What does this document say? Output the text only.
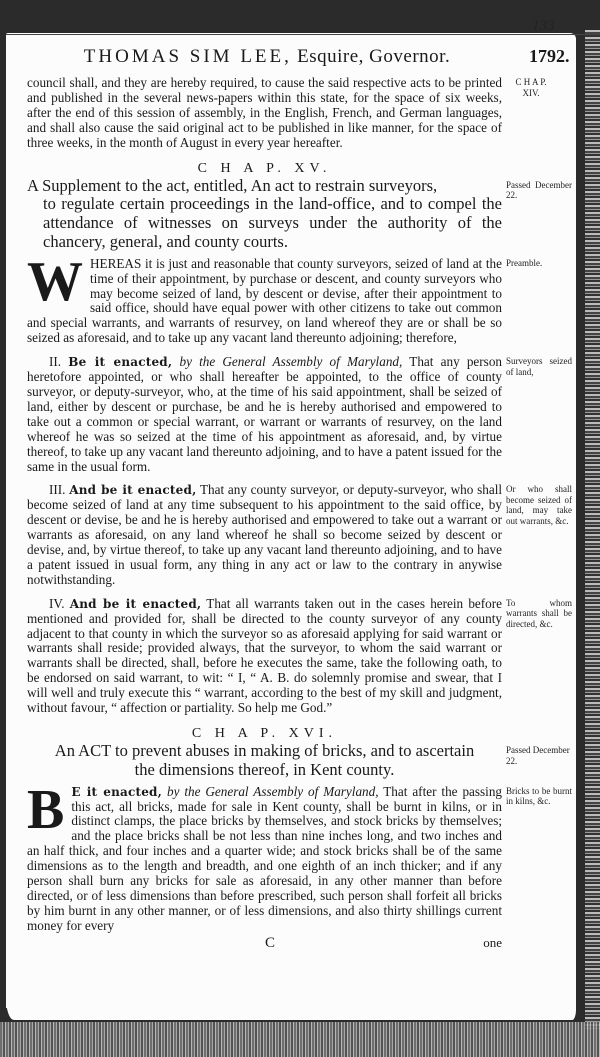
133
THOMAS SIM LEE, Esquire, Governor.	1792.

council shall, and they are hereby required, to cause the said respective acts to be printed and published in the several news-papers within this state, for the space of six weeks, after the end of this session of assembly, in the English, French, and German languages, and shall also cause the said original act to be published in like manner, for the space of three weeks, in the month of August in every year hereafter.

C H A P. XIV.
C H A P. XV.
A Supplement to the act, entitled, An act to restrain surveyors,
to regulate certain proceedings in the land-office, and to compel the attendance of witnesses on surveys under the authority of the chancery, general, and county courts.
Passed December 22.
W HEREAS it is just and reasonable that county surveyors, seized of land at the time of their appointment, by purchase or descent, and county surveyors who may become seized of land, by descent or devise, after their appointment to said office, should have equal power with other citizens to take out common and special warrants, and warrants of resurvey, on land whereof they are or shall be so seized as aforesaid, and to take up any vacant land thereunto adjoining; therefore,
Preamble.

II. Be it enacted, by the General Assembly of Maryland, That any person heretofore appointed, or who shall hereafter be appointed, to the office of county surveyor, or deputy-surveyor, who, at the time of his said appointment, shall be seized of land, either by descent or purchase, be and he is hereby authorised and empowered to take out a common or special warrant, or warrant or warrants of resurvey, on the land whereof he was so seized at the time of his appointment as aforesaid, and, by virtue thereof, to take up any vacant land thereunto adjoining, and to have a patent issued for the same in the usual form.

Surveyors seized of land,

III. And be it enacted, That any county surveyor, or deputy-surveyor, who shall become seized of land at any time subsequent to his appointment to the said office, by descent or devise, be and he is hereby authorised and empowered to take out a warrant or warrants as aforesaid, on any land whereof he shall so become seized by descent or devise, and, by virtue thereof, to take up any vacant land thereunto adjoining, and to have a patent issued in usual form, any thing in any act or law to the contrary in anywise notwithstanding.

Or who shall become seized of land, may take out warrants, &c.

IV. And be it enacted, That all warrants taken out in the cases herein before mentioned and provided for, shall be directed to the county surveyor of any county adjacent to that county in which the surveyor so as aforesaid applying for said warrant or warrants shall reside; provided always, that the surveyor, to whom the said warrant or warrants shall be directed, shall, before he executes the same, take the following oath, to be endorsed on said warrant, to wit: “ I, “ A. B. do solemnly promise and swear, that I will well and truly execute this “ warrant, according to the best of my skill and judgment, without favour, “ affection or partiality. So help me God.”

To whom warrants shall be directed, &c.
C H A P. XVI.
An ACT to prevent abuses in making of bricks, and to ascertain
the dimensions thereof, in Kent county.
Passed December 22.
B E it enacted, by the General Assembly of Maryland, That after the passing this act, all bricks, made for sale in Kent county, shall be burnt in kilns, or in distinct clamps, the place bricks by themselves, and stock bricks by themselves; and the place bricks shall be not less than nine inches long, and two inches and an half thick, and four inches and a quarter wide; and stock bricks shall be of the same dimensions as to the length and breadth, and one eighth of an inch thicker; and if any person shall burn any bricks for sale as aforesaid, in any other manner than before directed, or of less dimensions than before prescribed, such person shall forfeit all bricks by him burnt in any other manner, or of less dimensions, and also thirty shillings current money for every
Bricks to be burnt in kilns, &c.
C	one
